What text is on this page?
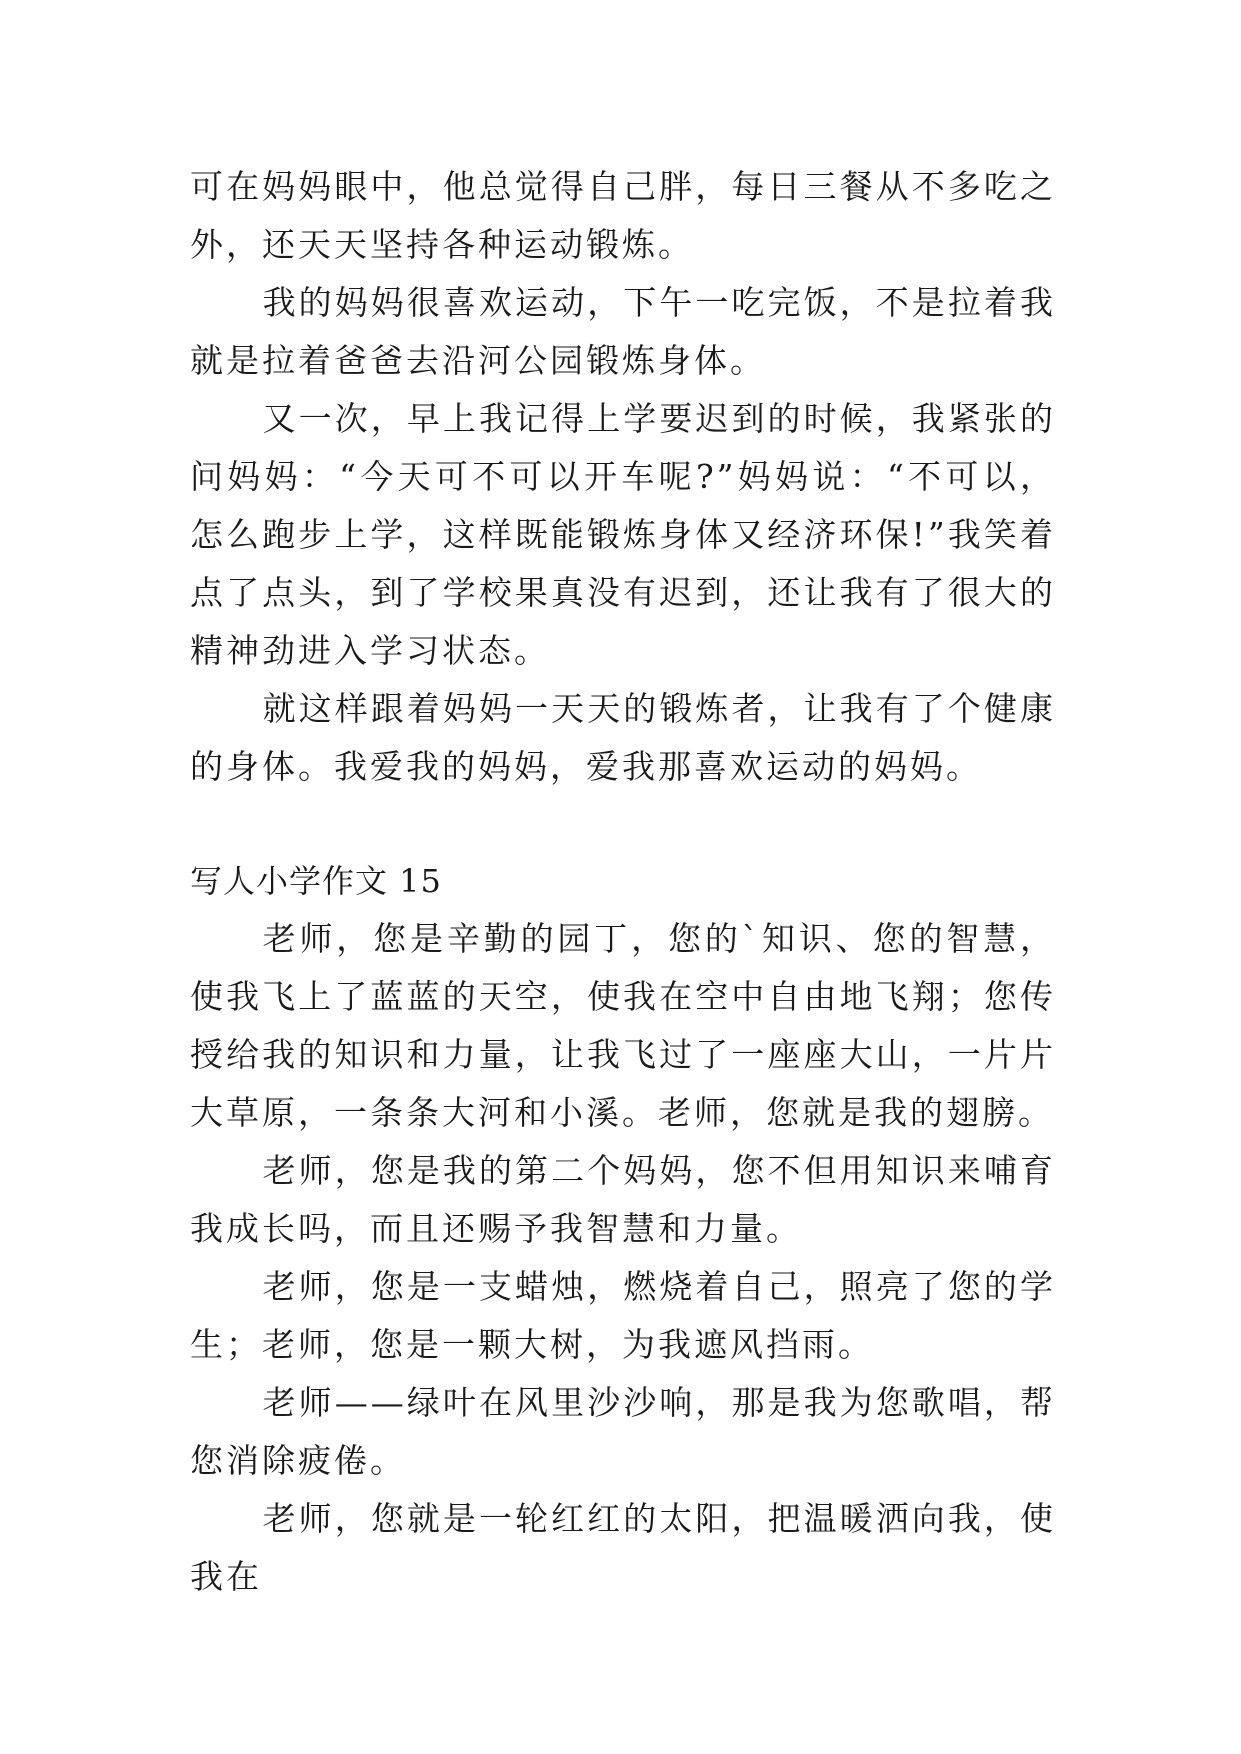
可在妈妈眼中，他总觉得自己胖，每日三餐从不多吃之外，还天天坚持各种运动锻炼。

我的妈妈很喜欢运动，下午一吃完饭，不是拉着我就是拉着爸爸去沿河公园锻炼身体。

又一次，早上我记得上学要迟到的时候，我紧张的问妈妈：“今天可不可以开车呢?”妈妈说：“不可以，怎么跑步上学，这样既能锻炼身体又经济环保!”我笑着点了点头，到了学校果真没有迟到，还让我有了很大的精神劲进入学习状态。

就这样跟着妈妈一天天的锻炼者，让我有了个健康的身体。我爱我的妈妈，爱我那喜欢运动的妈妈。

写人小学作文 15

老师，您是辛勤的园丁，您的`知识、您的智慧，使我飞上了蓝蓝的天空，使我在空中自由地飞翔；您传授给我的知识和力量，让我飞过了一座座大山，一片片大草原，一条条大河和小溪。老师，您就是我的翅膀。

老师，您是我的第二个妈妈，您不但用知识来哺育我成长吗，而且还赐予我智慧和力量。

老师，您是一支蜡烛，燃烧着自己，照亮了您的学生；老师，您是一颗大树，为我遮风挡雨。

老师——绿叶在风里沙沙响，那是我为您歌唱，帮您消除疲倦。

老师，您就是一轮红红的太阳，把温暖洒向我，使我在
